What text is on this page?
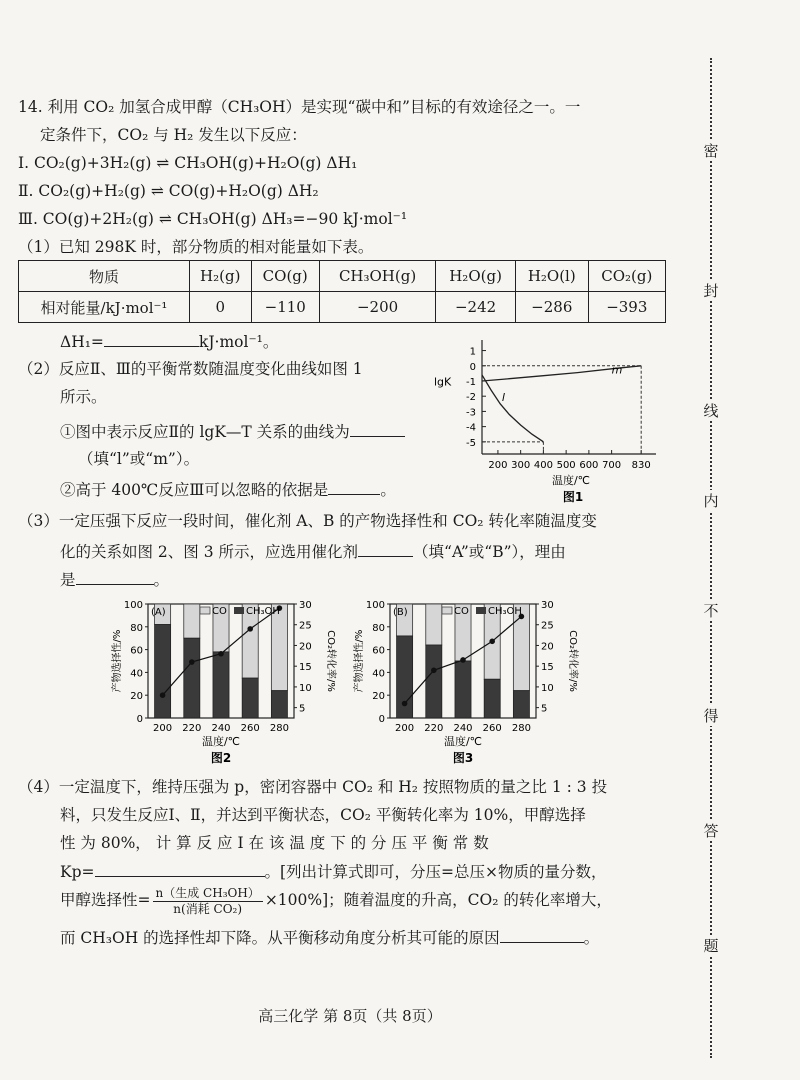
14. 利用 CO₂ 加氢合成甲醇（CH₃OH）是实现“碳中和”目标的有效途径之一。一
定条件下，CO₂ 与 H₂ 发生以下反应：
Ⅰ. CO₂(g)+3H₂(g) ⇌ CH₃OH(g)+H₂O(g) ΔH₁
Ⅱ. CO₂(g)+H₂(g) ⇌ CO(g)+H₂O(g) ΔH₂
Ⅲ. CO(g)+2H₂(g) ⇌ CH₃OH(g) ΔH₃=−90 kJ·mol⁻¹
（1）已知 298K 时，部分物质的相对能量如下表。
物质	H₂(g)	CO(g)	CH₃OH(g)	H₂O(g)	H₂O(l)	CO₂(g)
相对能量/kJ·mol⁻¹	0	−110	−200	−242	−286	−393
ΔH₁=	kJ·mol⁻¹。
（2）反应Ⅱ、Ⅲ的平衡常数随温度变化曲线如图 1
所示。
①图中表示反应Ⅱ的 lgK—T 关系的曲线为
（填“l”或“m”）。
②高于 400℃反应Ⅲ可以忽略的依据是	。
1
0
-1
-2
-3
-4
-5
200 300 400 500 600 700 830
lgK
温度/℃
图1
l
m
（3）一定压强下反应一段时间，催化剂 A、B 的产物选择性和 CO₂ 转化率随温度变
化的关系如图 2、图 3 所示，应选用催化剂	（填“A”或“B”），理由
是	。
0
20
40
60
80
100
5
10
15
20
25
30
200 220 240 260 280
(A)	CO CH₃OH
产物选择性/%	CO₂转化率/%
温度/℃
图2
0
20
40
60
80
100
5
10
15
20
25
30
200 220 240 260 280
(B)	CO CH₃OH
产物选择性/%	CO₂转化率/%
温度/℃
图3
（4）一定温度下，维持压强为 p，密闭容器中 CO₂ 和 H₂ 按照物质的量之比 1 : 3 投
料，只发生反应Ⅰ、Ⅱ，并达到平衡状态，CO₂ 平衡转化率为 10%，甲醇选择
性 为 80%， 计 算 反 应 Ⅰ 在 该 温 度 下 的 分 压 平 衡 常 数
Kp=	。[列出计算式即可，分压=总压×物质的量分数，
甲醇选择性= $\frac{\text{n（生成 CH₃OH）}}{\text{n(消耗 CO₂)}} \times 100\%$]；随着温度的升高，CO₂ 的转化率增大，
而 CH₃OH 的选择性却下降。从平衡移动角度分析其可能的原因	。
高三化学 第 8页（共 8页）
密
封
线
内
不
得
答
题
